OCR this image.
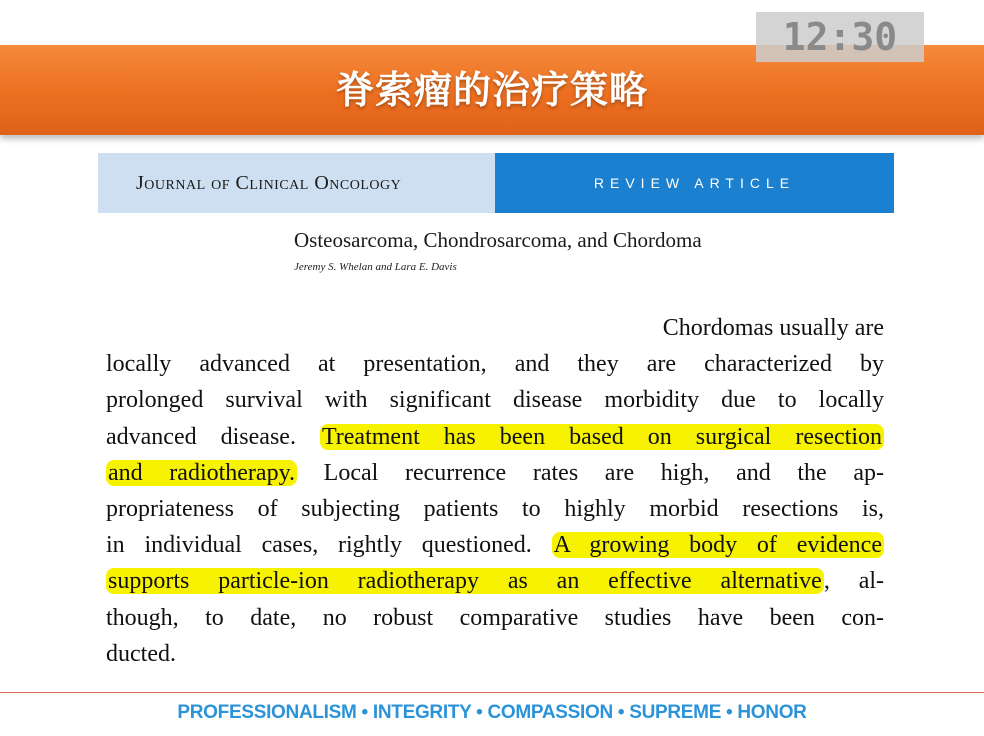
脊索瘤的治疗策略
12:30
Journal of Clinical Oncology	REVIEW ARTICLE
Osteosarcoma, Chondrosarcoma, and Chordoma
Jeremy S. Whelan and Lara E. Davis
Chordomas usually are
locally advanced at presentation, and they are characterized by
prolonged survival with significant disease morbidity due to locally
advanced disease. Treatment has been based on surgical resection
and radiotherapy. Local recurrence rates are high, and the ap-
propriateness of subjecting patients to highly morbid resections is,
in individual cases, rightly questioned. A growing body of evidence
supports particle-ion radiotherapy as an effective alternative, al-
though, to date, no robust comparative studies have been con-
ducted.
PROFESSIONALISM • INTEGRITY • COMPASSION • SUPREME • HONOR
